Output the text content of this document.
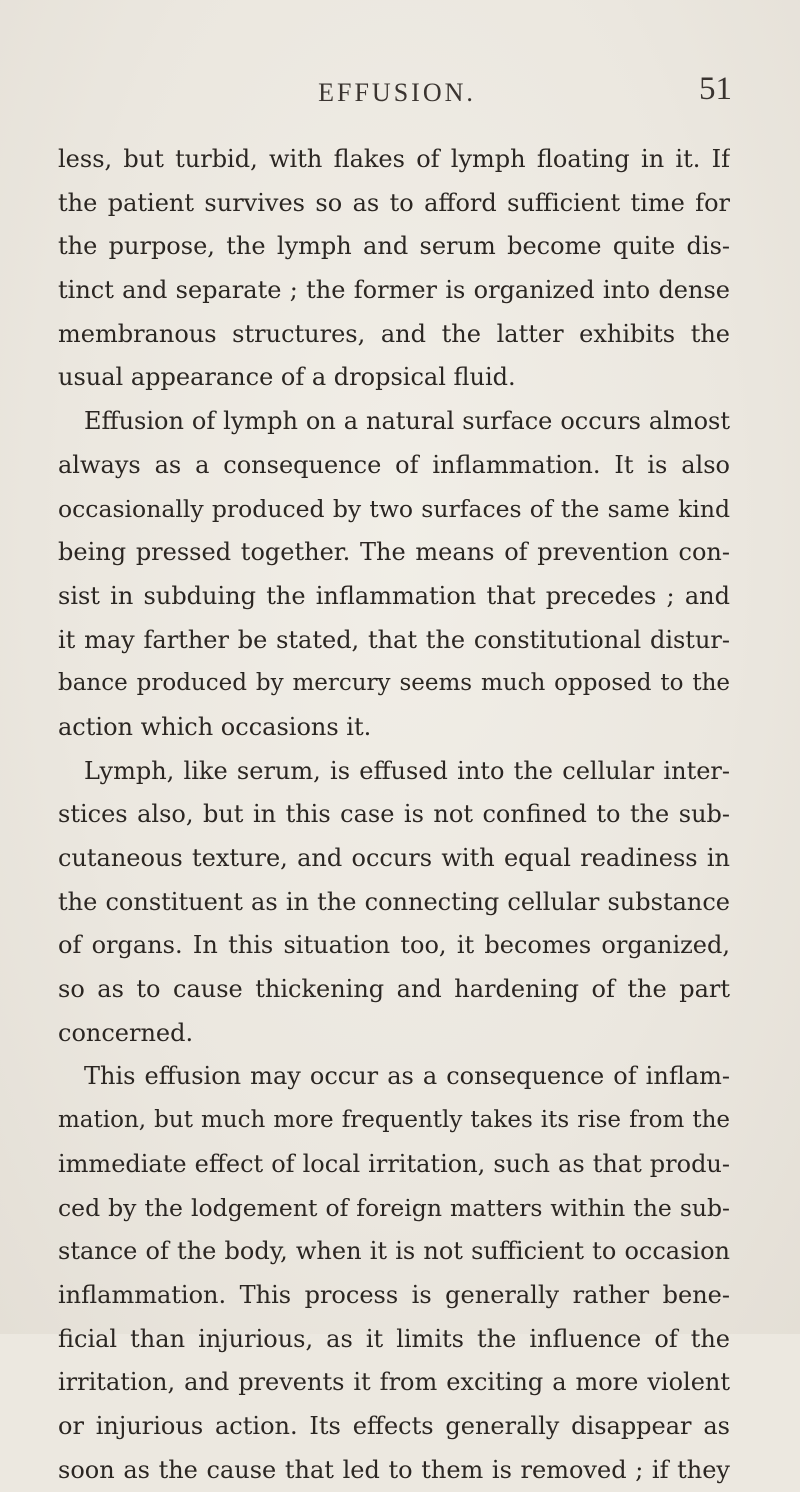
EFFUSION.	51
less, but turbid, with flakes of lymph floating in it. If
the patient survives so as to afford sufficient time for
the purpose, the lymph and serum become quite dis-
tinct and separate ; the former is organized into dense
membranous structures, and the latter exhibits the
usual appearance of a dropsical fluid.
Effusion of lymph on a natural surface occurs almost
always as a consequence of inflammation. It is also
occasionally produced by two surfaces of the same kind
being pressed together. The means of prevention con-
sist in subduing the inflammation that precedes ; and
it may farther be stated, that the constitutional distur-
bance produced by mercury seems much opposed to the
action which occasions it.
Lymph, like serum, is effused into the cellular inter-
stices also, but in this case is not confined to the sub-
cutaneous texture, and occurs with equal readiness in
the constituent as in the connecting cellular substance
of organs. In this situation too, it becomes organized,
so as to cause thickening and hardening of the part
concerned.
This effusion may occur as a consequence of inflam-
mation, but much more frequently takes its rise from the
immediate effect of local irritation, such as that produ-
ced by the lodgement of foreign matters within the sub-
stance of the body, when it is not sufficient to occasion
inflammation. This process is generally rather bene-
ficial than injurious, as it limits the influence of the
irritation, and prevents it from exciting a more violent
or injurious action. Its effects generally disappear as
soon as the cause that led to them is removed ; if they
